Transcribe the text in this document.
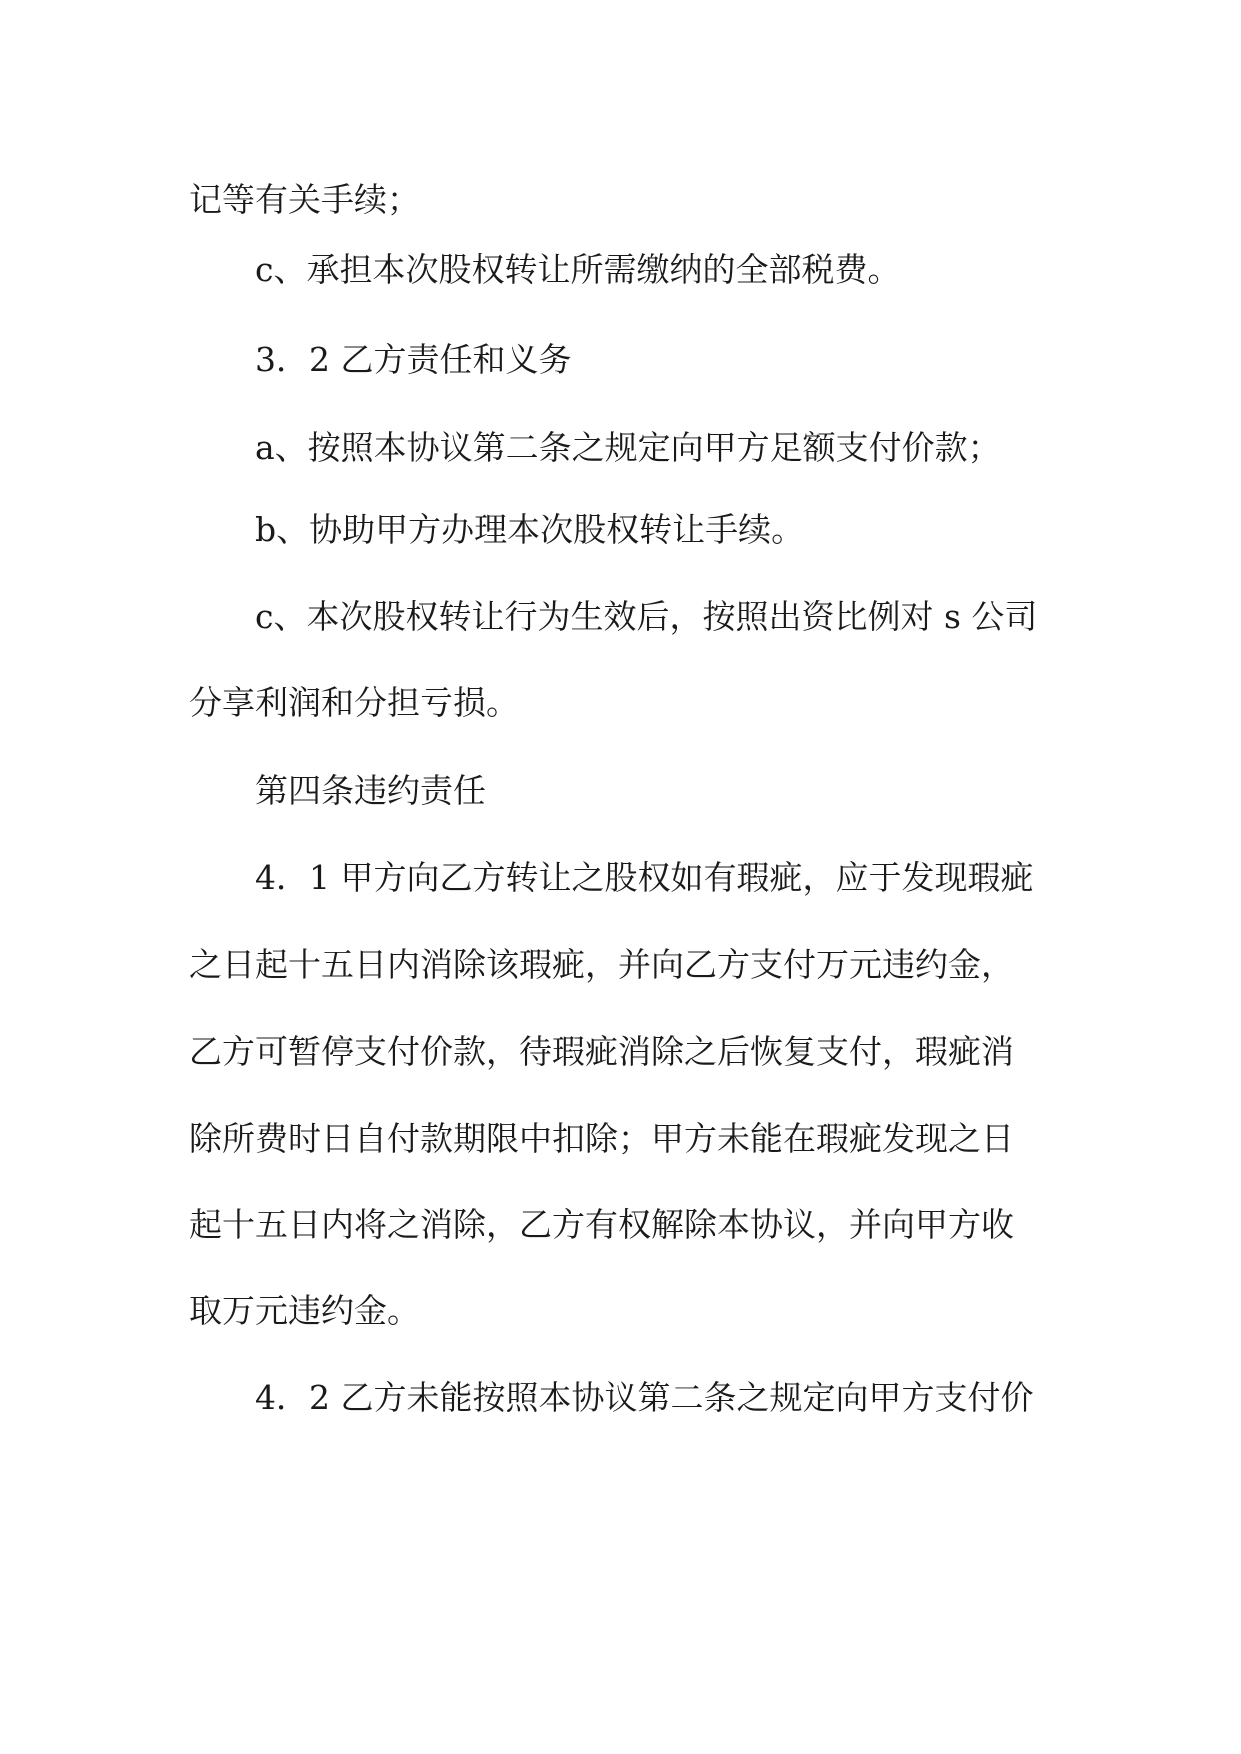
记等有关手续；
c、承担本次股权转让所需缴纳的全部税费。
3．2 乙方责任和义务
a、按照本协议第二条之规定向甲方足额支付价款；
b、协助甲方办理本次股权转让手续。
c、本次股权转让行为生效后，按照出资比例对 s 公司
分享利润和分担亏损。
第四条违约责任
4．1 甲方向乙方转让之股权如有瑕疵，应于发现瑕疵
之日起十五日内消除该瑕疵，并向乙方支付万元违约金，
乙方可暂停支付价款，待瑕疵消除之后恢复支付，瑕疵消
除所费时日自付款期限中扣除；甲方未能在瑕疵发现之日
起十五日内将之消除，乙方有权解除本协议，并向甲方收
取万元违约金。
4．2 乙方未能按照本协议第二条之规定向甲方支付价
